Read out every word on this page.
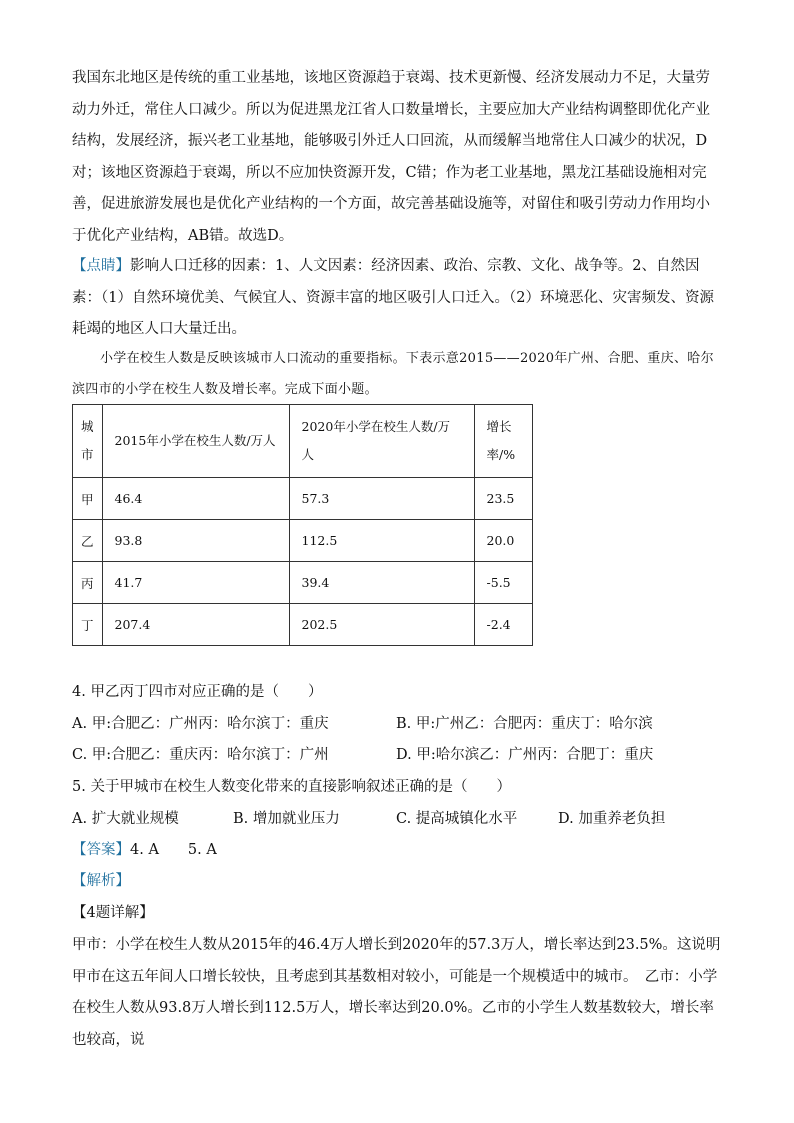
我国东北地区是传统的重工业基地，该地区资源趋于衰竭、技术更新慢、经济发展动力不足，大量劳动力外迁，常住人口减少。所以为促进黑龙江省人口数量增长，主要应加大产业结构调整即优化产业结构，发展经济，振兴老工业基地，能够吸引外迁人口回流，从而缓解当地常住人口减少的状况，D对；该地区资源趋于衰竭，所以不应加快资源开发，C错；作为老工业基地，黑龙江基础设施相对完善，促进旅游发展也是优化产业结构的一个方面，故完善基础设施等，对留住和吸引劳动力作用均小于优化产业结构，AB错。故选D。
【点睛】影响人口迁移的因素：1、人文因素：经济因素、政治、宗教、文化、战争等。2、自然因素：（1）自然环境优美、气候宜人、资源丰富的地区吸引人口迁入。（2）环境恶化、灾害频发、资源耗竭的地区人口大量迁出。
小学在校生人数是反映该城市人口流动的重要指标。下表示意2015——2020年广州、合肥、重庆、哈尔滨四市的小学在校生人数及增长率。完成下面小题。
城市	2015年小学在校生人数/万人	2020年小学在校生人数/万人	增长率/%
甲	46.4	57.3	23.5
乙	93.8	112.5	20.0
丙	41.7	39.4	-5.5
丁	207.4	202.5	-2.4
4. 甲乙丙丁四市对应正确的是（　　）
A. 甲:合肥乙：广州丙：哈尔滨丁：重庆	B. 甲:广州乙：合肥丙：重庆丁：哈尔滨
C. 甲:合肥乙：重庆丙：哈尔滨丁：广州	D. 甲:哈尔滨乙：广州丙：合肥丁：重庆
5. 关于甲城市在校生人数变化带来的直接影响叙述正确的是（　　）
A. 扩大就业规模	B. 增加就业压力	C. 提高城镇化水平	D. 加重养老负担
【答案】4. A　　5. A
【解析】
【4题详解】
甲市：小学在校生人数从2015年的46.4万人增长到2020年的57.3万人，增长率达到23.5%。这说明甲市在这五年间人口增长较快，且考虑到其基数相对较小，可能是一个规模适中的城市。　乙市：小学在校生人数从93.8万人增长到112.5万人，增长率达到20.0%。乙市的小学生人数基数较大，增长率也较高，说
